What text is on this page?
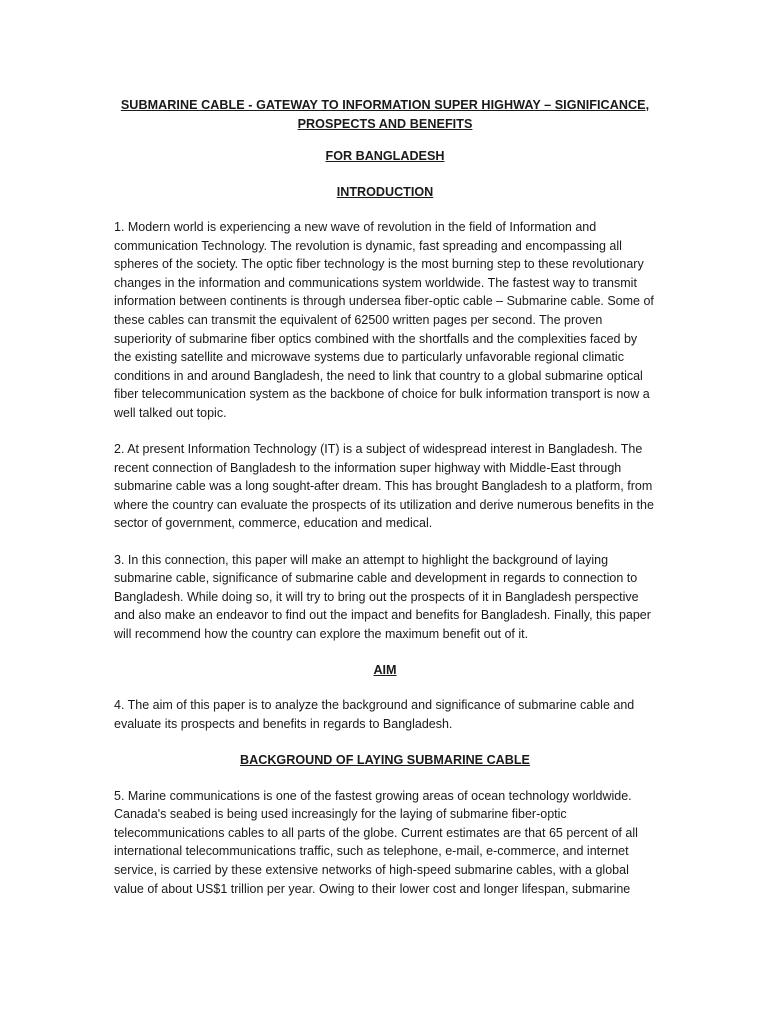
SUBMARINE CABLE - GATEWAY TO INFORMATION SUPER HIGHWAY – SIGNIFICANCE, PROSPECTS AND BENEFITS
FOR BANGLADESH
INTRODUCTION

1. Modern world is experiencing a new wave of revolution in the field of Information and communication Technology. The revolution is dynamic, fast spreading and encompassing all spheres of the society. The optic fiber technology is the most burning step to these revolutionary changes in the information and communications system worldwide. The fastest way to transmit information between continents is through undersea fiber-optic cable – Submarine cable. Some of these cables can transmit the equivalent of 62500 written pages per second. The proven superiority of submarine fiber optics combined with the shortfalls and the complexities faced by the existing satellite and microwave systems due to particularly unfavorable regional climatic conditions in and around Bangladesh, the need to link that country to a global submarine optical fiber telecommunication system as the backbone of choice for bulk information transport is now a well talked out topic.

2. At present Information Technology (IT) is a subject of widespread interest in Bangladesh. The recent connection of Bangladesh to the information super highway with Middle-East through submarine cable was a long sought-after dream. This has brought Bangladesh to a platform, from where the country can evaluate the prospects of its utilization and derive numerous benefits in the sector of government, commerce, education and medical.

3. In this connection, this paper will make an attempt to highlight the background of laying submarine cable, significance of submarine cable and development in regards to connection to Bangladesh. While doing so, it will try to bring out the prospects of it in Bangladesh perspective and also make an endeavor to find out the impact and benefits for Bangladesh. Finally, this paper will recommend how the country can explore the maximum benefit out of it.

AIM

4. The aim of this paper is to analyze the background and significance of submarine cable and evaluate its prospects and benefits in regards to Bangladesh.

BACKGROUND OF LAYING SUBMARINE CABLE

5. Marine communications is one of the fastest growing areas of ocean technology worldwide. Canada's seabed is being used increasingly for the laying of submarine fiber-optic telecommunications cables to all parts of the globe. Current estimates are that 65 percent of all international telecommunications traffic, such as telephone, e-mail, e-commerce, and internet service, is carried by these extensive networks of high-speed submarine cables, with a global value of about US$1 trillion per year. Owing to their lower cost and longer lifespan, submarine
